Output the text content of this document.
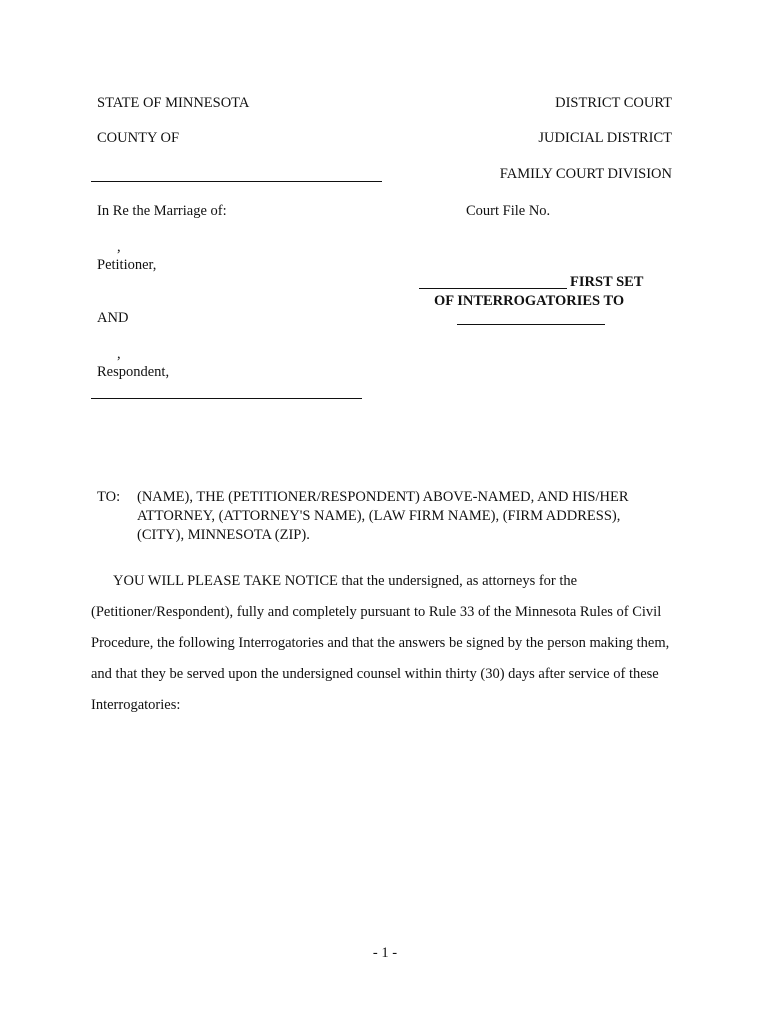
STATE OF MINNESOTA	DISTRICT COURT
COUNTY OF	JUDICIAL DISTRICT
FAMILY COURT DIVISION
In Re the Marriage of:	Court File No.
,
Petitioner,
AND
,
Respondent,
FIRST SET
OF INTERROGATORIES TO
TO: (NAME), THE (PETITIONER/RESPONDENT) ABOVE-NAMED, AND HIS/HER
ATTORNEY, (ATTORNEY'S NAME), (LAW FIRM NAME), (FIRM ADDRESS),
(CITY), MINNESOTA (ZIP).
YOU WILL PLEASE TAKE NOTICE that the undersigned, as attorneys for the
(Petitioner/Respondent), fully and completely pursuant to Rule 33 of the Minnesota Rules of Civil
Procedure, the following Interrogatories and that the answers be signed by the person making them,
and that they be served upon the undersigned counsel within thirty (30) days after service of these
Interrogatories:
- 1 -
